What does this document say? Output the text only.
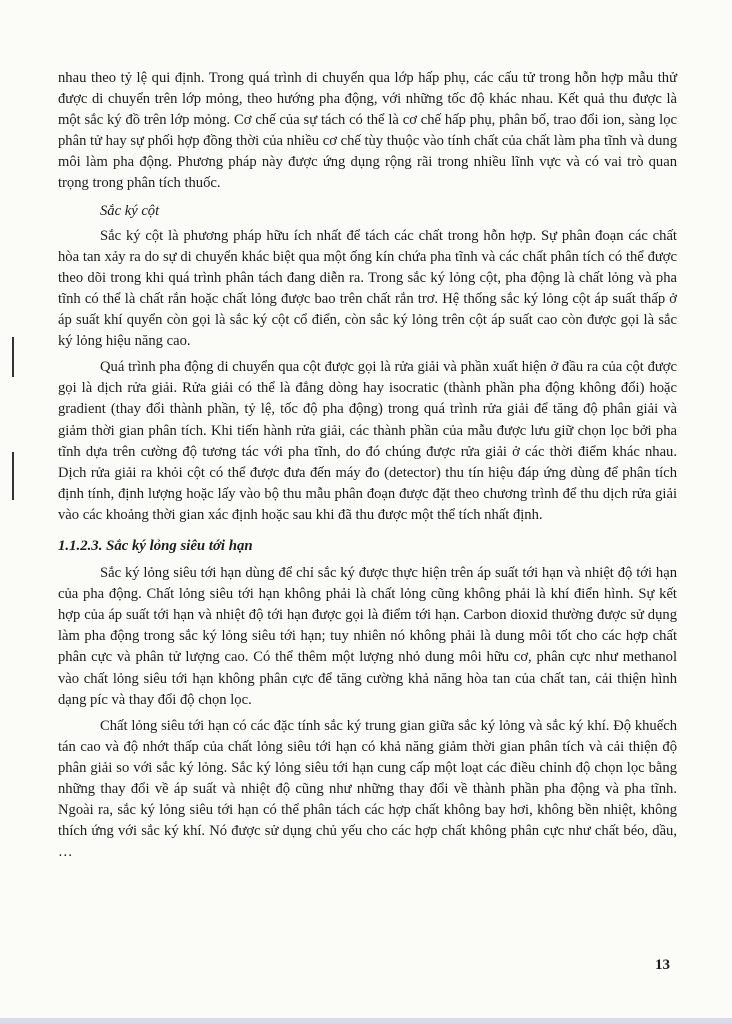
nhau theo tỷ lệ qui định. Trong quá trình di chuyển qua lớp hấp phụ, các cấu tử trong hỗn hợp mẫu thử được di chuyển trên lớp mỏng, theo hướng pha động, với những tốc độ khác nhau. Kết quả thu được là một sắc ký đồ trên lớp mỏng. Cơ chế của sự tách có thể là cơ chế hấp phụ, phân bố, trao đổi ion, sàng lọc phân tử hay sự phối hợp đồng thời của nhiều cơ chế tùy thuộc vào tính chất của chất làm pha tĩnh và dung môi làm pha động. Phương pháp này được ứng dụng rộng rãi trong nhiều lĩnh vực và có vai trò quan trọng trong phân tích thuốc.

Sắc ký cột

Sắc ký cột là phương pháp hữu ích nhất để tách các chất trong hỗn hợp. Sự phân đoạn các chất hòa tan xảy ra do sự di chuyển khác biệt qua một ống kín chứa pha tĩnh và các chất phân tích có thể được theo dõi trong khi quá trình phân tách đang diễn ra. Trong sắc ký lỏng cột, pha động là chất lỏng và pha tĩnh có thể là chất rắn hoặc chất lỏng được bao trên chất rắn trơ. Hệ thống sắc ký lỏng cột áp suất thấp ở áp suất khí quyển còn gọi là sắc ký cột cổ điển, còn sắc ký lỏng trên cột áp suất cao còn được gọi là sắc ký lỏng hiệu năng cao.

Quá trình pha động di chuyển qua cột được gọi là rửa giải và phần xuất hiện ở đầu ra của cột được gọi là dịch rửa giải. Rửa giải có thể là đẳng dòng hay isocratic (thành phần pha động không đổi) hoặc gradient (thay đổi thành phần, tỷ lệ, tốc độ pha động) trong quá trình rửa giải để tăng độ phân giải và giảm thời gian phân tích. Khi tiến hành rửa giải, các thành phần của mẫu được lưu giữ chọn lọc bởi pha tĩnh dựa trên cường độ tương tác với pha tĩnh, do đó chúng được rửa giải ở các thời điểm khác nhau. Dịch rửa giải ra khỏi cột có thể được đưa đến máy đo (detector) thu tín hiệu đáp ứng dùng để phân tích định tính, định lượng hoặc lấy vào bộ thu mẫu phân đoạn được đặt theo chương trình để thu dịch rửa giải vào các khoảng thời gian xác định hoặc sau khi đã thu được một thể tích nhất định.

1.1.2.3. Sắc ký lỏng siêu tới hạn

Sắc ký lỏng siêu tới hạn dùng để chỉ sắc ký được thực hiện trên áp suất tới hạn và nhiệt độ tới hạn của pha động. Chất lỏng siêu tới hạn không phải là chất lỏng cũng không phải là khí điển hình. Sự kết hợp của áp suất tới hạn và nhiệt độ tới hạn được gọi là điểm tới hạn. Carbon dioxid thường được sử dụng làm pha động trong sắc ký lỏng siêu tới hạn; tuy nhiên nó không phải là dung môi tốt cho các hợp chất phân cực và phân tử lượng cao. Có thể thêm một lượng nhỏ dung môi hữu cơ, phân cực như methanol vào chất lỏng siêu tới hạn không phân cực để tăng cường khả năng hòa tan của chất tan, cải thiện hình dạng píc và thay đổi độ chọn lọc.

Chất lỏng siêu tới hạn có các đặc tính sắc ký trung gian giữa sắc ký lỏng và sắc ký khí. Độ khuếch tán cao và độ nhớt thấp của chất lỏng siêu tới hạn có khả năng giảm thời gian phân tích và cải thiện độ phân giải so với sắc ký lỏng. Sắc ký lỏng siêu tới hạn cung cấp một loạt các điều chỉnh độ chọn lọc bằng những thay đổi về áp suất và nhiệt độ cũng như những thay đổi về thành phần pha động và pha tĩnh. Ngoài ra, sắc ký lỏng siêu tới hạn có thể phân tách các hợp chất không bay hơi, không bền nhiệt, không thích ứng với sắc ký khí. Nó được sử dụng chủ yếu cho các hợp chất không phân cực như chất béo, dầu, …

13
